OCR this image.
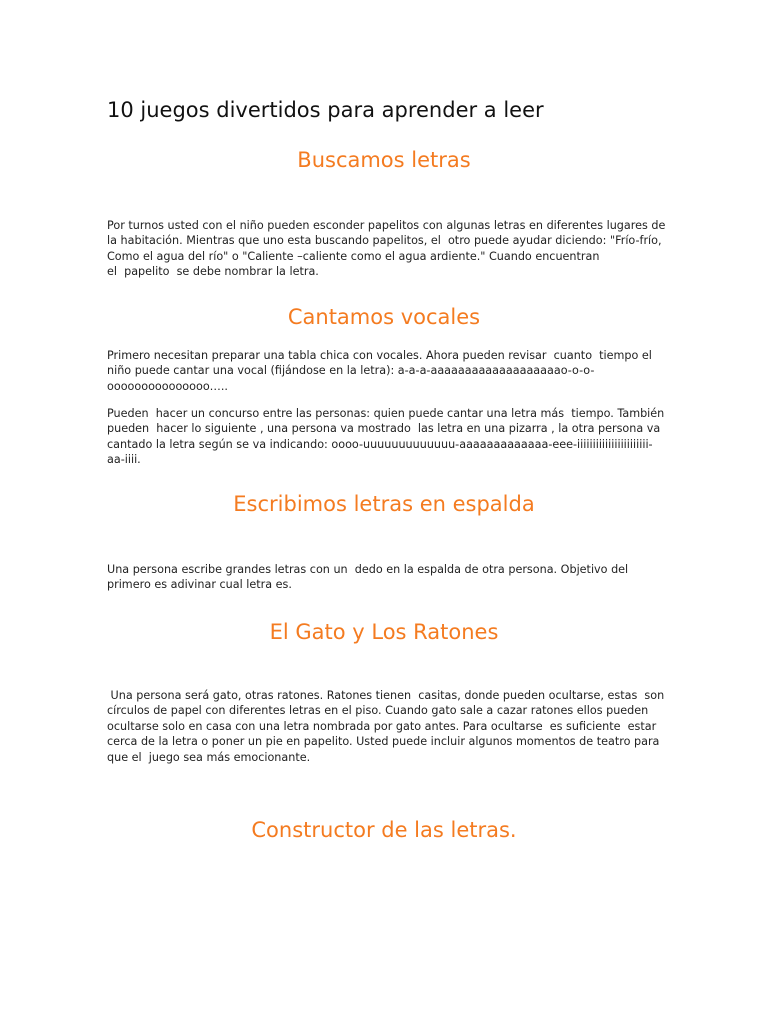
10 juegos divertidos para aprender a leer
Buscamos letras

Por turnos usted con el niño pueden esconder papelitos con algunas letras en diferentes lugares de
la habitación. Mientras que uno esta buscando papelitos, el  otro puede ayudar diciendo: "Frío-frío,
Como el agua del río" o "Caliente –caliente como el agua ardiente." Cuando encuentran
el  papelito  se debe nombrar la letra.

Cantamos vocales

Primero necesitan preparar una tabla chica con vocales. Ahora pueden revisar  cuanto  tiempo el
niño puede cantar una vocal (fijándose en la letra): a-a-a-aaaaaaaaaaaaaaaaaaao-o-o-
ooooooooooooooo…..

Pueden  hacer un concurso entre las personas: quien puede cantar una letra más  tiempo. También
pueden  hacer lo siguiente , una persona va mostrado  las letra en una pizarra , la otra persona va
cantado la letra según se va indicando: oooo-uuuuuuuuuuuuu-aaaaaaaaaaaaa-eee-iiiiiiiiiiiiiiiiiiiiiii-
aa-iiii.

Escribimos letras en espalda

Una persona escribe grandes letras con un  dedo en la espalda de otra persona. Objetivo del
primero es adivinar cual letra es.

El Gato y Los Ratones

Una persona será gato, otras ratones. Ratones tienen  casitas, donde pueden ocultarse, estas  son
círculos de papel con diferentes letras en el piso. Cuando gato sale a cazar ratones ellos pueden
ocultarse solo en casa con una letra nombrada por gato antes. Para ocultarse  es suficiente  estar
cerca de la letra o poner un pie en papelito. Usted puede incluir algunos momentos de teatro para
que el  juego sea más emocionante.

Constructor de las letras.
